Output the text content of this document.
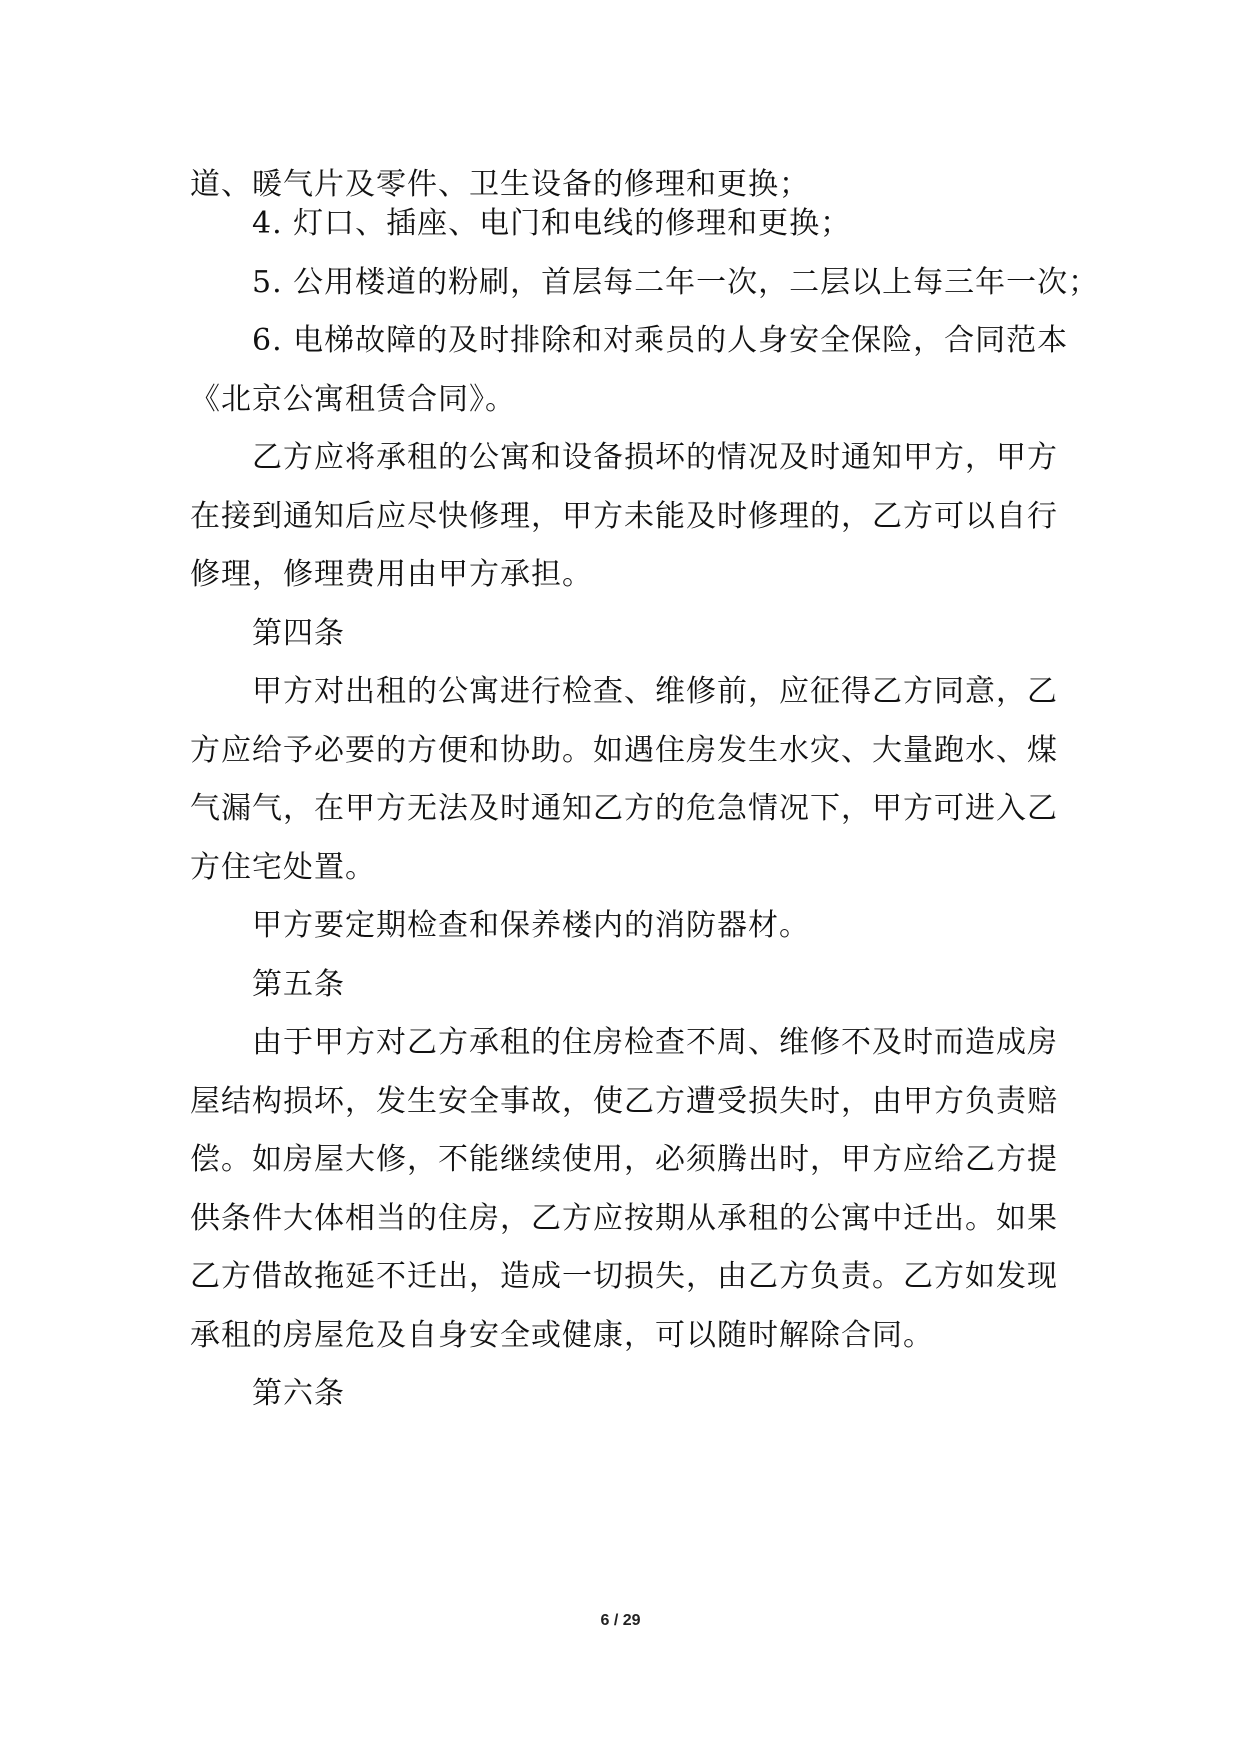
道、暖气片及零件、卫生设备的修理和更换；
4. 灯口、插座、电门和电线的修理和更换；
5. 公用楼道的粉刷，首层每二年一次，二层以上每三年一次；
6. 电梯故障的及时排除和对乘员的人身安全保险，合同范本
《北京公寓租赁合同》。
乙方应将承租的公寓和设备损坏的情况及时通知甲方，甲方
在接到通知后应尽快修理，甲方未能及时修理的，乙方可以自行
修理，修理费用由甲方承担。
第四条
甲方对出租的公寓进行检查、维修前，应征得乙方同意，乙
方应给予必要的方便和协助。如遇住房发生水灾、大量跑水、煤
气漏气，在甲方无法及时通知乙方的危急情况下，甲方可进入乙
方住宅处置。
甲方要定期检查和保养楼内的消防器材。
第五条
由于甲方对乙方承租的住房检查不周、维修不及时而造成房
屋结构损坏，发生安全事故，使乙方遭受损失时，由甲方负责赔
偿。如房屋大修，不能继续使用，必须腾出时，甲方应给乙方提
供条件大体相当的住房，乙方应按期从承租的公寓中迁出。如果
乙方借故拖延不迁出，造成一切损失，由乙方负责。乙方如发现
承租的房屋危及自身安全或健康，可以随时解除合同。
第六条
6 / 29
